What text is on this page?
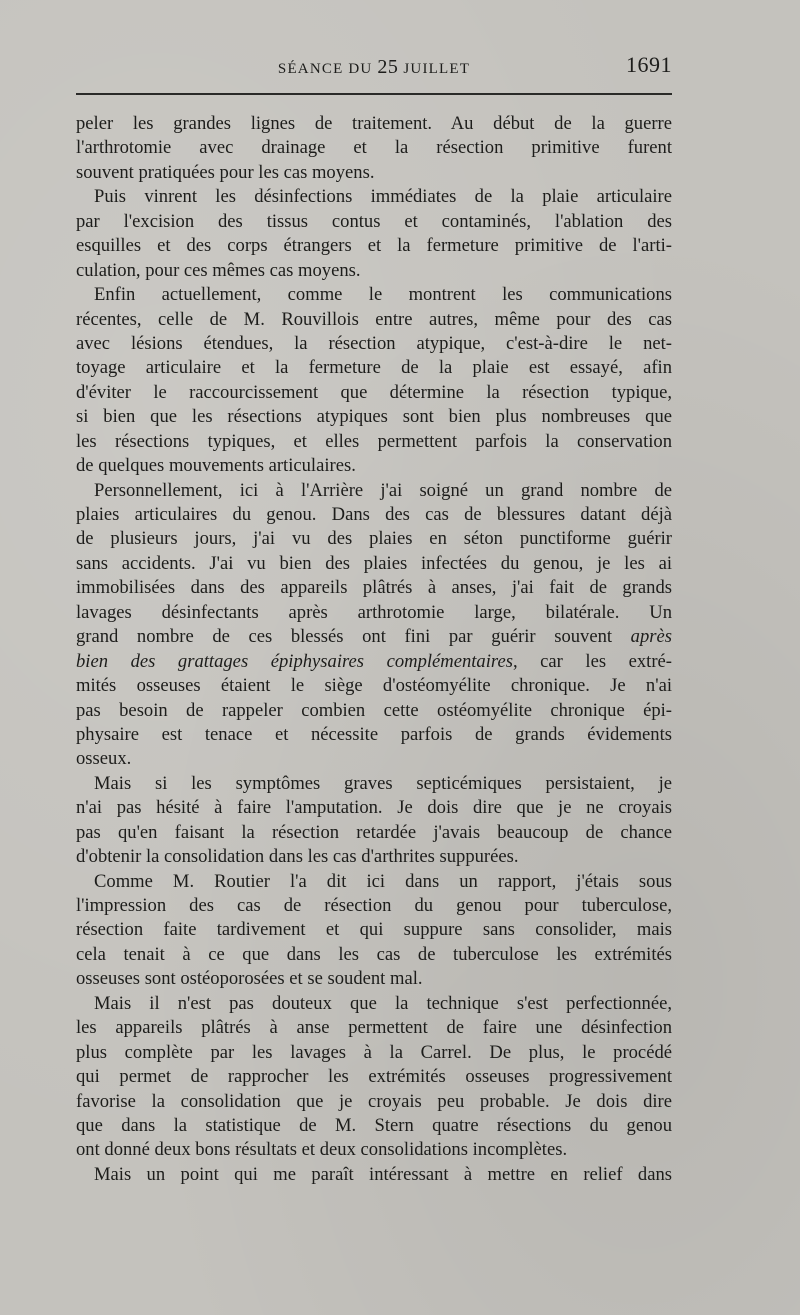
SÉANCE DU 25 JUILLET	1691
peler les grandes lignes de traitement. Au début de la guerre
l'arthrotomie avec drainage et la résection primitive furent
souvent pratiquées pour les cas moyens.
Puis vinrent les désinfections immédiates de la plaie articulaire
par l'excision des tissus contus et contaminés, l'ablation des
esquilles et des corps étrangers et la fermeture primitive de l'arti-
culation, pour ces mêmes cas moyens.
Enfin actuellement, comme le montrent les communications
récentes, celle de M. Rouvillois entre autres, même pour des cas
avec lésions étendues, la résection atypique, c'est-à-dire le net-
toyage articulaire et la fermeture de la plaie est essayé, afin
d'éviter le raccourcissement que détermine la résection typique,
si bien que les résections atypiques sont bien plus nombreuses que
les résections typiques, et elles permettent parfois la conservation
de quelques mouvements articulaires.
Personnellement, ici à l'Arrière j'ai soigné un grand nombre de
plaies articulaires du genou. Dans des cas de blessures datant déjà
de plusieurs jours, j'ai vu des plaies en séton punctiforme guérir
sans accidents. J'ai vu bien des plaies infectées du genou, je les ai
immobilisées dans des appareils plâtrés à anses, j'ai fait de grands
lavages désinfectants après arthrotomie large, bilatérale. Un
grand nombre de ces blessés ont fini par guérir souvent après
bien des grattages épiphysaires complémentaires, car les extré-
mités osseuses étaient le siège d'ostéomyélite chronique. Je n'ai
pas besoin de rappeler combien cette ostéomyélite chronique épi-
physaire est tenace et nécessite parfois de grands évidements
osseux.
Mais si les symptômes graves septicémiques persistaient, je
n'ai pas hésité à faire l'amputation. Je dois dire que je ne croyais
pas qu'en faisant la résection retardée j'avais beaucoup de chance
d'obtenir la consolidation dans les cas d'arthrites suppurées.
Comme M. Routier l'a dit ici dans un rapport, j'étais sous
l'impression des cas de résection du genou pour tuberculose,
résection faite tardivement et qui suppure sans consolider, mais
cela tenait à ce que dans les cas de tuberculose les extrémités
osseuses sont ostéoporosées et se soudent mal.
Mais il n'est pas douteux que la technique s'est perfectionnée,
les appareils plâtrés à anse permettent de faire une désinfection
plus complète par les lavages à la Carrel. De plus, le procédé
qui permet de rapprocher les extrémités osseuses progressivement
favorise la consolidation que je croyais peu probable. Je dois dire
que dans la statistique de M. Stern quatre résections du genou
ont donné deux bons résultats et deux consolidations incomplètes.
Mais un point qui me paraît intéressant à mettre en relief dans
